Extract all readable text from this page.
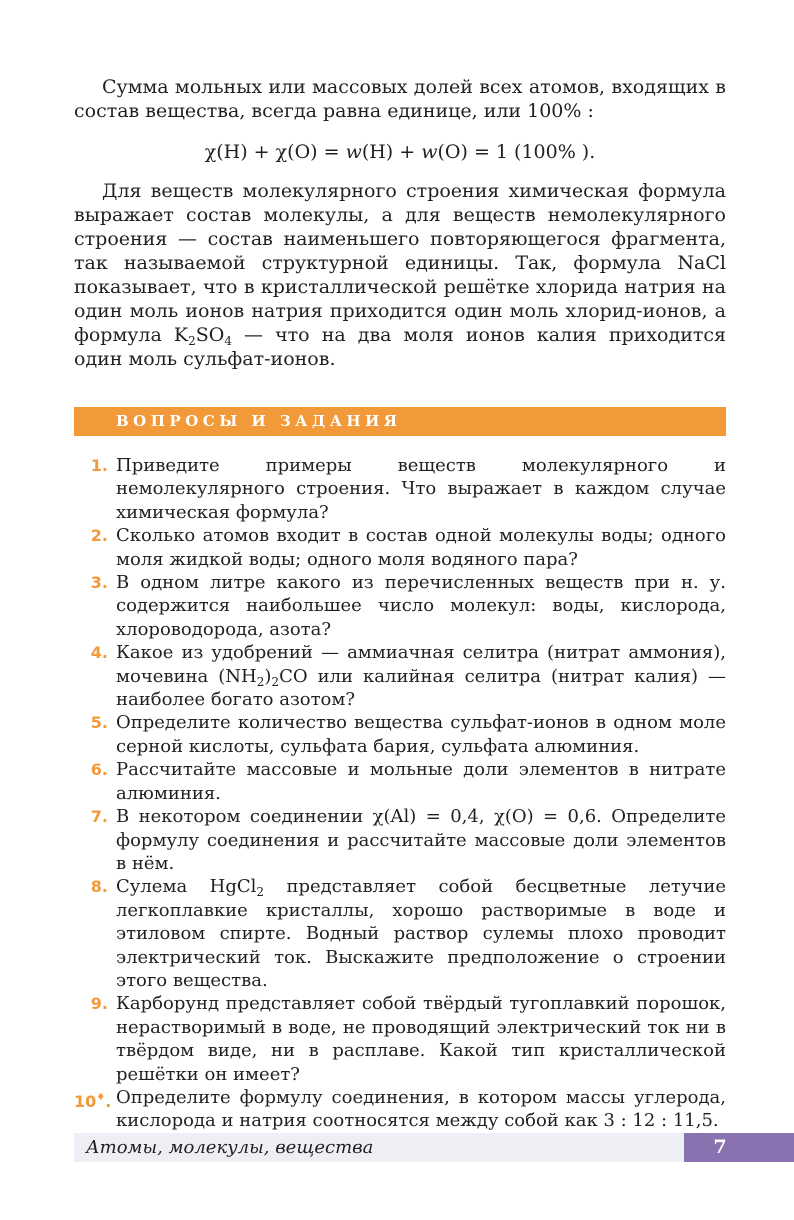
Сумма мольных или массовых долей всех атомов, входящих в состав вещества, всегда равна единице, или 100% :

χ(H) + χ(O) = w(H) + w(O) = 1 (100% ).

Для веществ молекулярного строения химическая формула выражает состав молекулы, а для веществ немолекулярного строения — состав наименьшего повторяющегося фрагмента, так называемой структурной единицы. Так, формула NaCl показывает, что в кристаллической решётке хлорида натрия на один моль ионов натрия приходится один моль хлорид-ионов, а формула $K_2SO_4$ — что на два моля ионов калия приходится один моль сульфат-ионов.

ВОПРОСЫ И ЗАДАНИЯ
1. Приведите примеры веществ молекулярного и немолекулярного строения. Что выражает в каждом случае химическая формула?
2. Сколько атомов входит в состав одной молекулы воды; одного моля жидкой воды; одного моля водяного пара?
3. В одном литре какого из перечисленных веществ при н. у. содержится наибольшее число молекул: воды, кислорода, хлороводорода, азота?
4. Какое из удобрений — аммиачная селитра (нитрат аммония), мочевина $(NH_2)_2CO$ или калийная селитра (нитрат калия) — наиболее богато азотом?
5. Определите количество вещества сульфат-ионов в одном моле серной кислоты, сульфата бария, сульфата алюминия.
6. Рассчитайте массовые и мольные доли элементов в нитрате алюминия.
7. В некотором соединении χ(Al) = 0,4, χ(O) = 0,6. Определите формулу соединения и рассчитайте массовые доли элементов в нём.
8. Сулема HgCl$_2$ представляет собой бесцветные летучие легкоплавкие кристаллы, хорошо растворимые в воде и этиловом спирте. Водный раствор сулемы плохо проводит электрический ток. Выскажите предположение о строении этого вещества.
9. Карборунд представляет собой твёрдый тугоплавкий порошок, нерастворимый в воде, не проводящий электрический ток ни в твёрдом виде, ни в расплаве. Какой тип кристаллической решётки он имеет?
10♦. Определите формулу соединения, в котором массы углерода, кислорода и натрия соотносятся между собой как 3 : 12 : 11,5.
Атомы, молекулы, вещества	7
